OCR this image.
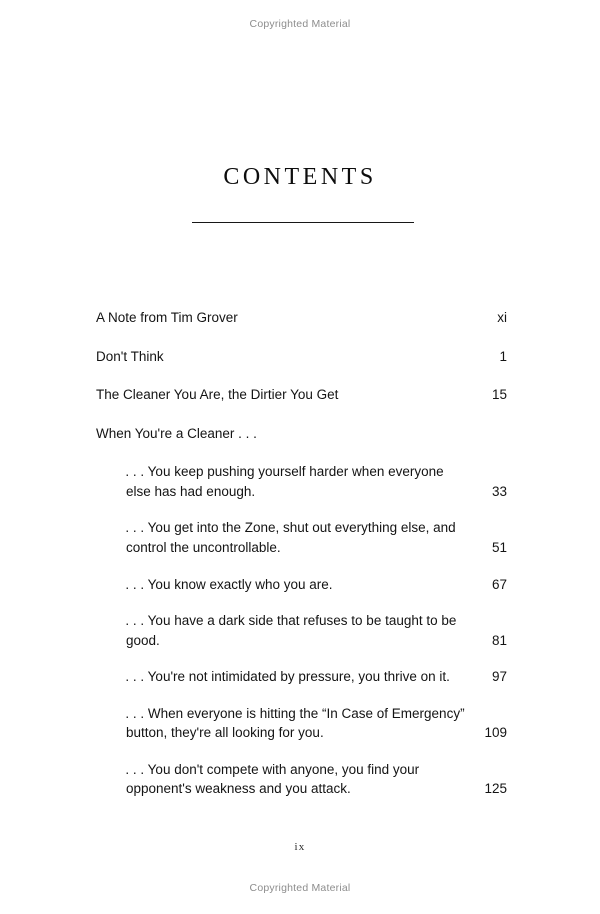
Copyrighted Material
contents
A Note from Tim Grover	xi
Don't Think	1
The Cleaner You Are, the Dirtier You Get	15
When You're a Cleaner . . .
. . . You keep pushing yourself harder when everyone else has had enough.	33
. . . You get into the Zone, shut out everything else, and control the uncontrollable.	51
. . . You know exactly who you are.	67
. . . You have a dark side that refuses to be taught to be good.	81
. . . You're not intimidated by pressure, you thrive on it.	97
. . . When everyone is hitting the “In Case of Emergency” button, they're all looking for you.	109
. . . You don't compete with anyone, you find your opponent's weakness and you attack.	125
ix
Copyrighted Material
